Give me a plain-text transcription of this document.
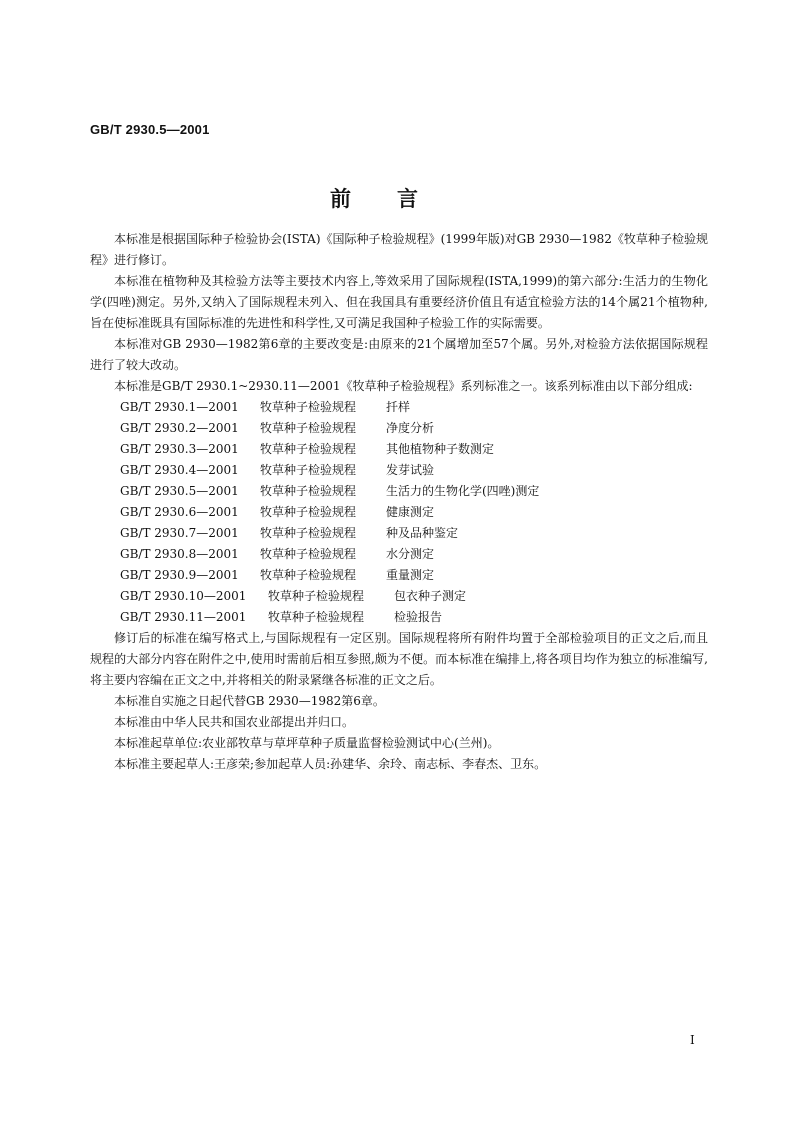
GB/T 2930.5—2001
前言

本标准是根据国际种子检验协会(ISTA)《国际种子检验规程》(1999年版)对GB 2930—1982《牧草种子检验规程》进行修订。

本标准在植物种及其检验方法等主要技术内容上,等效采用了国际规程(ISTA,1999)的第六部分:生活力的生物化学(四唑)测定。另外,又纳入了国际规程未列入、但在我国具有重要经济价值且有适宜检验方法的14个属21个植物种,旨在使标准既具有国际标准的先进性和科学性,又可满足我国种子检验工作的实际需要。

本标准对GB 2930—1982第6章的主要改变是:由原来的21个属增加至57个属。另外,对检验方法依据国际规程进行了较大改动。

本标准是GB/T 2930.1~2930.11—2001《牧草种子检验规程》系列标准之一。该系列标准由以下部分组成:

GB/T 2930.1—2001	牧草种子检验规程	扦样
GB/T 2930.2—2001	牧草种子检验规程	净度分析
GB/T 2930.3—2001	牧草种子检验规程	其他植物种子数测定
GB/T 2930.4—2001	牧草种子检验规程	发芽试验
GB/T 2930.5—2001	牧草种子检验规程	生活力的生物化学(四唑)测定
GB/T 2930.6—2001	牧草种子检验规程	健康测定
GB/T 2930.7—2001	牧草种子检验规程	种及品种鉴定
GB/T 2930.8—2001	牧草种子检验规程	水分测定
GB/T 2930.9—2001	牧草种子检验规程	重量测定
GB/T 2930.10—2001	牧草种子检验规程	包衣种子测定
GB/T 2930.11—2001	牧草种子检验规程	检验报告

修订后的标准在编写格式上,与国际规程有一定区别。国际规程将所有附件均置于全部检验项目的正文之后,而且规程的大部分内容在附件之中,使用时需前后相互参照,颇为不便。而本标准在编排上,将各项目均作为独立的标准编写,将主要内容编在正文之中,并将相关的附录紧继各标准的正文之后。

本标准自实施之日起代替GB 2930—1982第6章。

本标准由中华人民共和国农业部提出并归口。

本标准起草单位:农业部牧草与草坪草种子质量监督检验测试中心(兰州)。

本标准主要起草人:王彦荣;参加起草人员:孙建华、余玲、南志标、李春杰、卫东。

I
